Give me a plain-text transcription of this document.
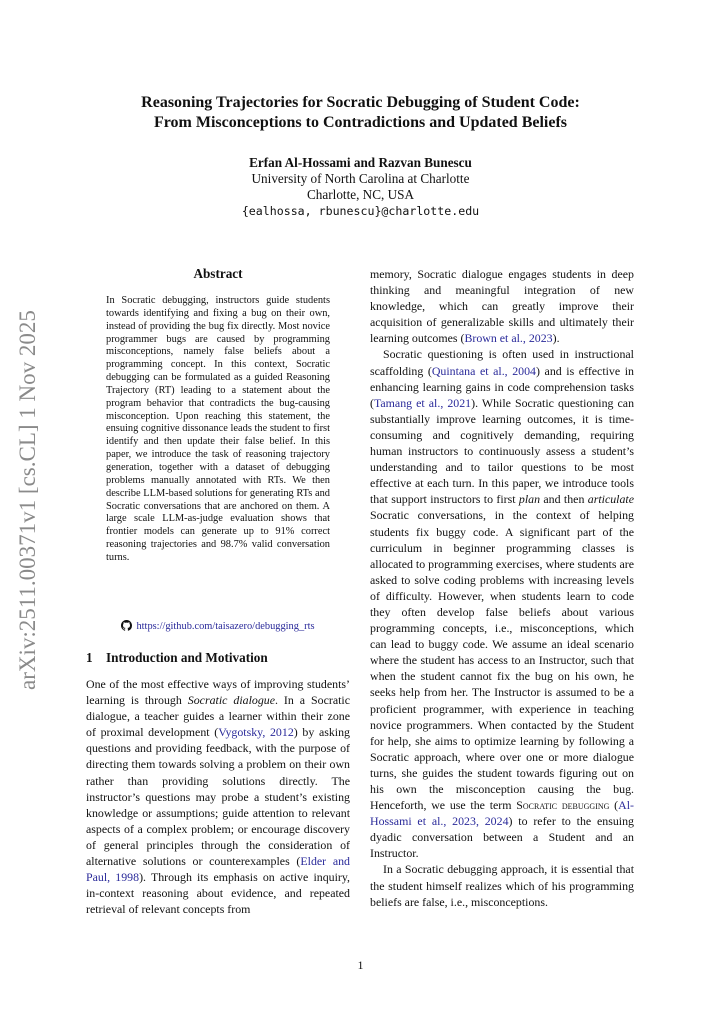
arXiv:2511.00371v1 [cs.CL] 1 Nov 2025
Reasoning Trajectories for Socratic Debugging of Student Code:
From Misconceptions to Contradictions and Updated Beliefs
Erfan Al-Hossami and Razvan Bunescu
University of North Carolina at Charlotte
Charlotte, NC, USA
{ealhossa, rbunescu}@charlotte.edu
Abstract

In Socratic debugging, instructors guide students towards identifying and fixing a bug on their own, instead of providing the bug fix directly. Most novice programmer bugs are caused by programming misconceptions, namely false beliefs about a programming concept. In this context, Socratic debugging can be formulated as a guided Reasoning Trajectory (RT) leading to a statement about the program behavior that contradicts the bug-causing misconception. Upon reaching this statement, the ensuing cognitive dissonance leads the student to first identify and then update their false belief. In this paper, we introduce the task of reasoning trajectory generation, together with a dataset of debugging problems manually annotated with RTs. We then describe LLM-based solutions for generating RTs and Socratic conversations that are anchored on them. A large scale LLM-as-judge evaluation shows that frontier models can generate up to 91% correct reasoning trajectories and 98.7% valid conversation turns.

https://github.com/taisazero/debugging_rts
1 Introduction and Motivation

One of the most effective ways of improving students’ learning is through Socratic dialogue. In a Socratic dialogue, a teacher guides a learner within their zone of proximal development (Vygotsky, 2012) by asking questions and providing feedback, with the purpose of directing them towards solving a problem on their own rather than providing solutions directly. The instructor’s questions may probe a student’s existing knowledge or assumptions; guide attention to relevant aspects of a complex problem; or encourage discovery of general principles through the consideration of alternative solutions or counterexamples (Elder and Paul, 1998). Through its emphasis on active inquiry, in-context reasoning about evidence, and repeated retrieval of relevant concepts from

memory, Socratic dialogue engages students in deep thinking and meaningful integration of new knowledge, which can greatly improve their acquisition of generalizable skills and ultimately their learning outcomes (Brown et al., 2023).

Socratic questioning is often used in instructional scaffolding (Quintana et al., 2004) and is effective in enhancing learning gains in code comprehension tasks (Tamang et al., 2021). While Socratic questioning can substantially improve learning outcomes, it is time-consuming and cognitively demanding, requiring human instructors to continuously assess a student’s understanding and to tailor questions to be most effective at each turn. In this paper, we introduce tools that support instructors to first plan and then articulate Socratic conversations, in the context of helping students fix buggy code. A significant part of the curriculum in beginner programming classes is allocated to programming exercises, where students are asked to solve coding problems with increasing levels of difficulty. However, when students learn to code they often develop false beliefs about various programming concepts, i.e., misconceptions, which can lead to buggy code. We assume an ideal scenario where the student has access to an Instructor, such that when the student cannot fix the bug on his own, he seeks help from her. The Instructor is assumed to be a proficient programmer, with experience in teaching novice programmers. When contacted by the Student for help, she aims to optimize learning by following a Socratic approach, where over one or more dialogue turns, she guides the student towards figuring out on his own the misconception causing the bug. Henceforth, we use the term Socratic debugging (Al-Hossami et al., 2023, 2024) to refer to the ensuing dyadic conversation between a Student and an Instructor.

In a Socratic debugging approach, it is essential that the student himself realizes which of his programming beliefs are false, i.e., misconceptions.

1
